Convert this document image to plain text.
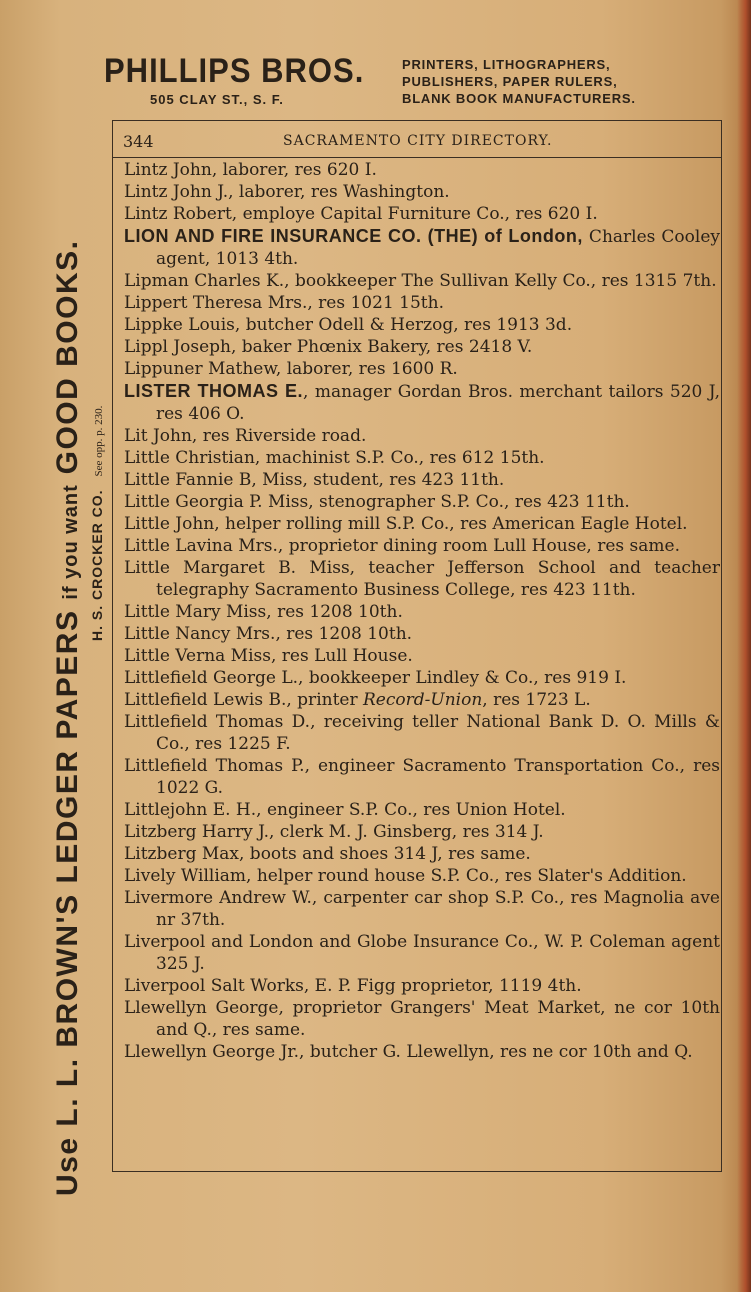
PHILLIPS BROS.
505 CLAY ST., S. F.
PRINTERS, LITHOGRAPHERS,
PUBLISHERS, PAPER RULERS,
BLANK BOOK MANUFACTURERS.
Use L. L. BROWN'S LEDGER PAPERS if you want GOOD BOOKS.
H. S. CROCKER CO. See opp. p. 230.
344	SACRAMENTO CITY DIRECTORY.

Lintz John, laborer, res 620 I.

Lintz John J., laborer, res Washington.

Lintz Robert, employe Capital Furniture Co., res 620 I.

LION AND FIRE INSURANCE CO. (THE) of London, Charles Cooley agent, 1013 4th.

Lipman Charles K., bookkeeper The Sullivan Kelly Co., res 1315 7th.

Lippert Theresa Mrs., res 1021 15th.

Lippke Louis, butcher Odell & Herzog, res 1913 3d.

Lippl Joseph, baker Phœnix Bakery, res 2418 V.

Lippuner Mathew, laborer, res 1600 R.

LISTER THOMAS E., manager Gordan Bros. merchant tailors 520 J, res 406 O.

Lit John, res Riverside road.

Little Christian, machinist S.P. Co., res 612 15th.

Little Fannie B, Miss, student, res 423 11th.

Little Georgia P. Miss, stenographer S.P. Co., res 423 11th.

Little John, helper rolling mill S.P. Co., res American Eagle Hotel.

Little Lavina Mrs., proprietor dining room Lull House, res same.

Little Margaret B. Miss, teacher Jefferson School and teacher telegraphy Sacramento Business College, res 423 11th.

Little Mary Miss, res 1208 10th.

Little Nancy Mrs., res 1208 10th.

Little Verna Miss, res Lull House.

Littlefield George L., bookkeeper Lindley & Co., res 919 I.

Littlefield Lewis B., printer Record-Union, res 1723 L.

Littlefield Thomas D., receiving teller National Bank D. O. Mills & Co., res 1225 F.

Littlefield Thomas P., engineer Sacramento Transportation Co., res 1022 G.

Littlejohn E. H., engineer S.P. Co., res Union Hotel.

Litzberg Harry J., clerk M. J. Ginsberg, res 314 J.

Litzberg Max, boots and shoes 314 J, res same.

Lively William, helper round house S.P. Co., res Slater's Addition.

Livermore Andrew W., carpenter car shop S.P. Co., res Magnolia ave nr 37th.

Liverpool and London and Globe Insurance Co., W. P. Coleman agent 325 J.

Liverpool Salt Works, E. P. Figg proprietor, 1119 4th.

Llewellyn George, proprietor Grangers' Meat Market, ne cor 10th and Q., res same.

Llewellyn George Jr., butcher G. Llewellyn, res ne cor 10th and Q.
